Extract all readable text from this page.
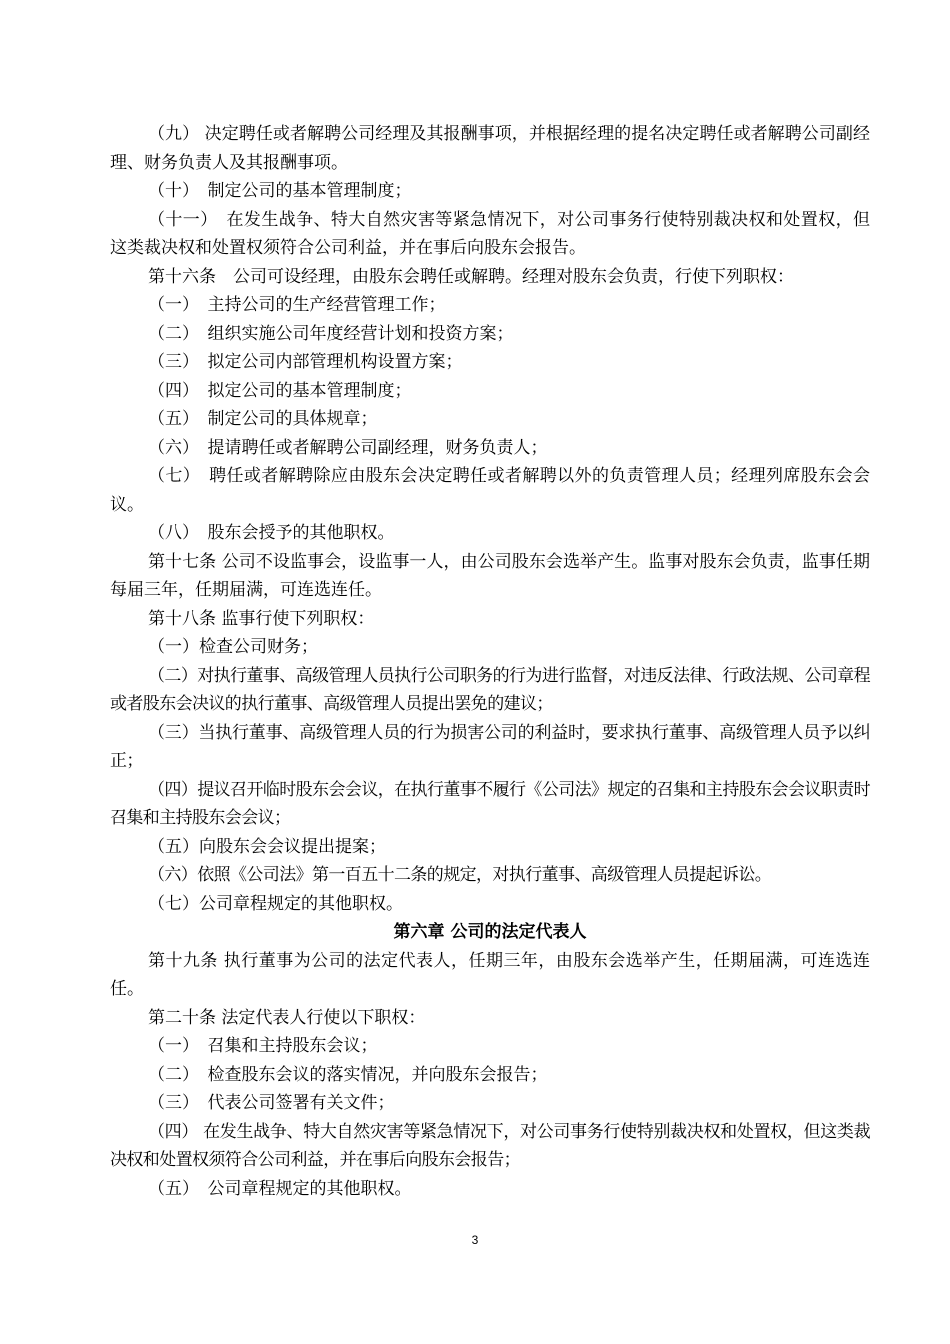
（九） 决定聘任或者解聘公司经理及其报酬事项，并根据经理的提名决定聘任或者解聘公司副经理、财务负责人及其报酬事项。

（十）　制定公司的基本管理制度；

（十一）　在发生战争、特大自然灾害等紧急情况下，对公司事务行使特别裁决权和处置权，但这类裁决权和处置权须符合公司利益，并在事后向股东会报告。

第十六条　公司可设经理，由股东会聘任或解聘。经理对股东会负责，行使下列职权：

（一）　主持公司的生产经营管理工作；

（二）　组织实施公司年度经营计划和投资方案；

（三）　拟定公司内部管理机构设置方案；

（四）　拟定公司的基本管理制度；

（五）　制定公司的具体规章；

（六）　提请聘任或者解聘公司副经理，财务负责人；

（七）　聘任或者解聘除应由股东会决定聘任或者解聘以外的负责管理人员；经理列席股东会会议。

（八）　股东会授予的其他职权。

第十七条 公司不设监事会，设监事一人，由公司股东会选举产生。监事对股东会负责，监事任期每届三年，任期届满，可连选连任。

第十八条 监事行使下列职权：

（一）检查公司财务；

（二）对执行董事、高级管理人员执行公司职务的行为进行监督，对违反法律、行政法规、公司章程或者股东会决议的执行董事、高级管理人员提出罢免的建议；

（三）当执行董事、高级管理人员的行为损害公司的利益时，要求执行董事、高级管理人员予以纠正；

（四）提议召开临时股东会会议，在执行董事不履行《公司法》规定的召集和主持股东会会议职责时召集和主持股东会会议；

（五）向股东会会议提出提案；

（六）依照《公司法》第一百五十二条的规定，对执行董事、高级管理人员提起诉讼。

（七）公司章程规定的其他职权。

第六章 公司的法定代表人

第十九条 执行董事为公司的法定代表人，任期三年，由股东会选举产生，任期届满，可连选连任。

第二十条 法定代表人行使以下职权：

（一）　召集和主持股东会议；

（二）　检查股东会议的落实情况，并向股东会报告；

（三）　代表公司签署有关文件；

（四） 在发生战争、特大自然灾害等紧急情况下，对公司事务行使特别裁决权和处置权，但这类裁决权和处置权须符合公司利益，并在事后向股东会报告；

（五）　公司章程规定的其他职权。

3
